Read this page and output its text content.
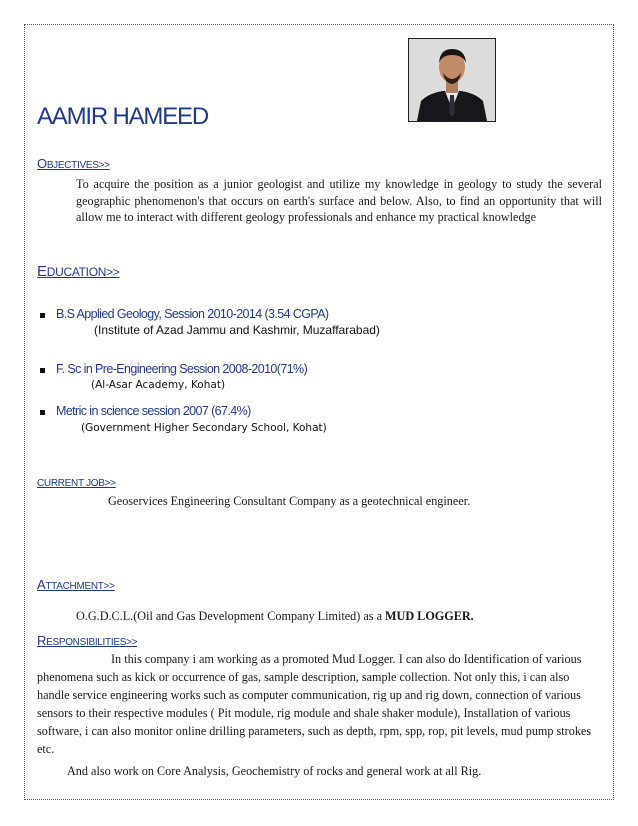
AAMIR HAMEED
OBJECTIVES>>
To acquire the position as a junior geologist and utilize my knowledge in geology to study the several geographic phenomenon's that occurs on earth's surface and below. Also, to find an opportunity that will allow me to interact with different geology professionals and enhance my practical knowledge
EDUCATION>>
B.S Applied Geology, Session 2010-2014 (3.54 CGPA)
(Institute of Azad Jammu and Kashmir, Muzaffarabad)
F. Sc in Pre-Engineering Session 2008-2010(71%)
(Al-Asar Academy, Kohat)
Metric in science session 2007 (67.4%)
(Government Higher Secondary School, Kohat)
CURRENT JOB>>
Geoservices Engineering Consultant Company as a geotechnical engineer.
ATTACHMENT>>
O.G.D.C.L.(Oil and Gas Development Company Limited) as a MUD LOGGER.
RESPONSIBILITIES>>
In this company i am working as a promoted Mud Logger. I can also do Identification of various phenomena such as kick or occurrence of gas, sample description, sample collection. Not only this, i can also handle service engineering works such as computer communication, rig up and rig down, connection of various sensors to their respective modules ( Pit module, rig module and shale shaker module), Installation of various software, i can also monitor online drilling parameters, such as depth, rpm, spp, rop, pit levels, mud pump strokes etc.
And also work on Core Analysis, Geochemistry of rocks and general work at all Rig.
